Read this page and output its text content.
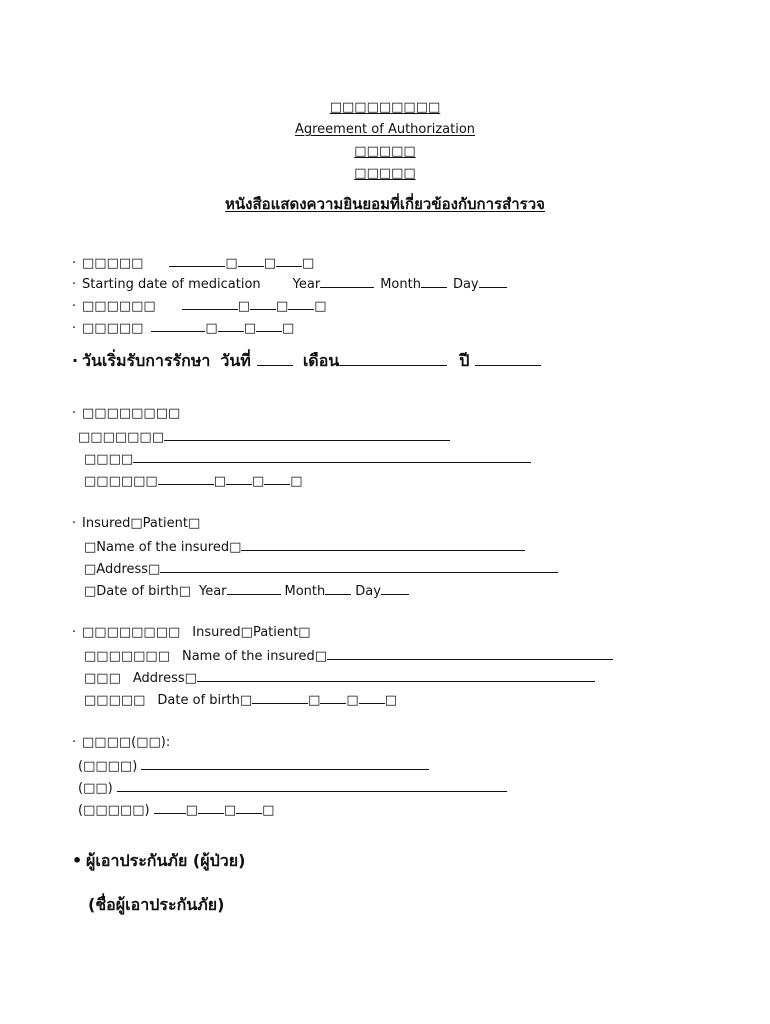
□□□□□□□□□
Agreement of Authorization
□□□□□
□□□□□
หนังสือแสดงความยินยอมที่เกี่ยวข้องกับการสำรวจ
· □□□□□	□ □ □
· Starting date of medication Year	Month Day
· □□□□□□	□ □ □
· □□□□□	□ □ □
· วันเริ่มรับการรักษา วันที่	เดือน	ปี
· □□□□□□□□
□□□□□□□
□□□□
□□□□□□	□ □ □
· Insured□Patient□
□Name of the insured□
□Address□
□Date of birth□ Year	Month Day
· □□□□□□□□ Insured□Patient□
□□□□□□□ Name of the insured□
□□□ Address□
□□□□□ Date of birth□	□ □ □
· □□□□(□□):
(□□□□)
(□□)
(□□□□□)	□ □ □
• ผู้เอาประกันภัย (ผู้ป่วย)
(ชื่อผู้เอาประกันภัย)
